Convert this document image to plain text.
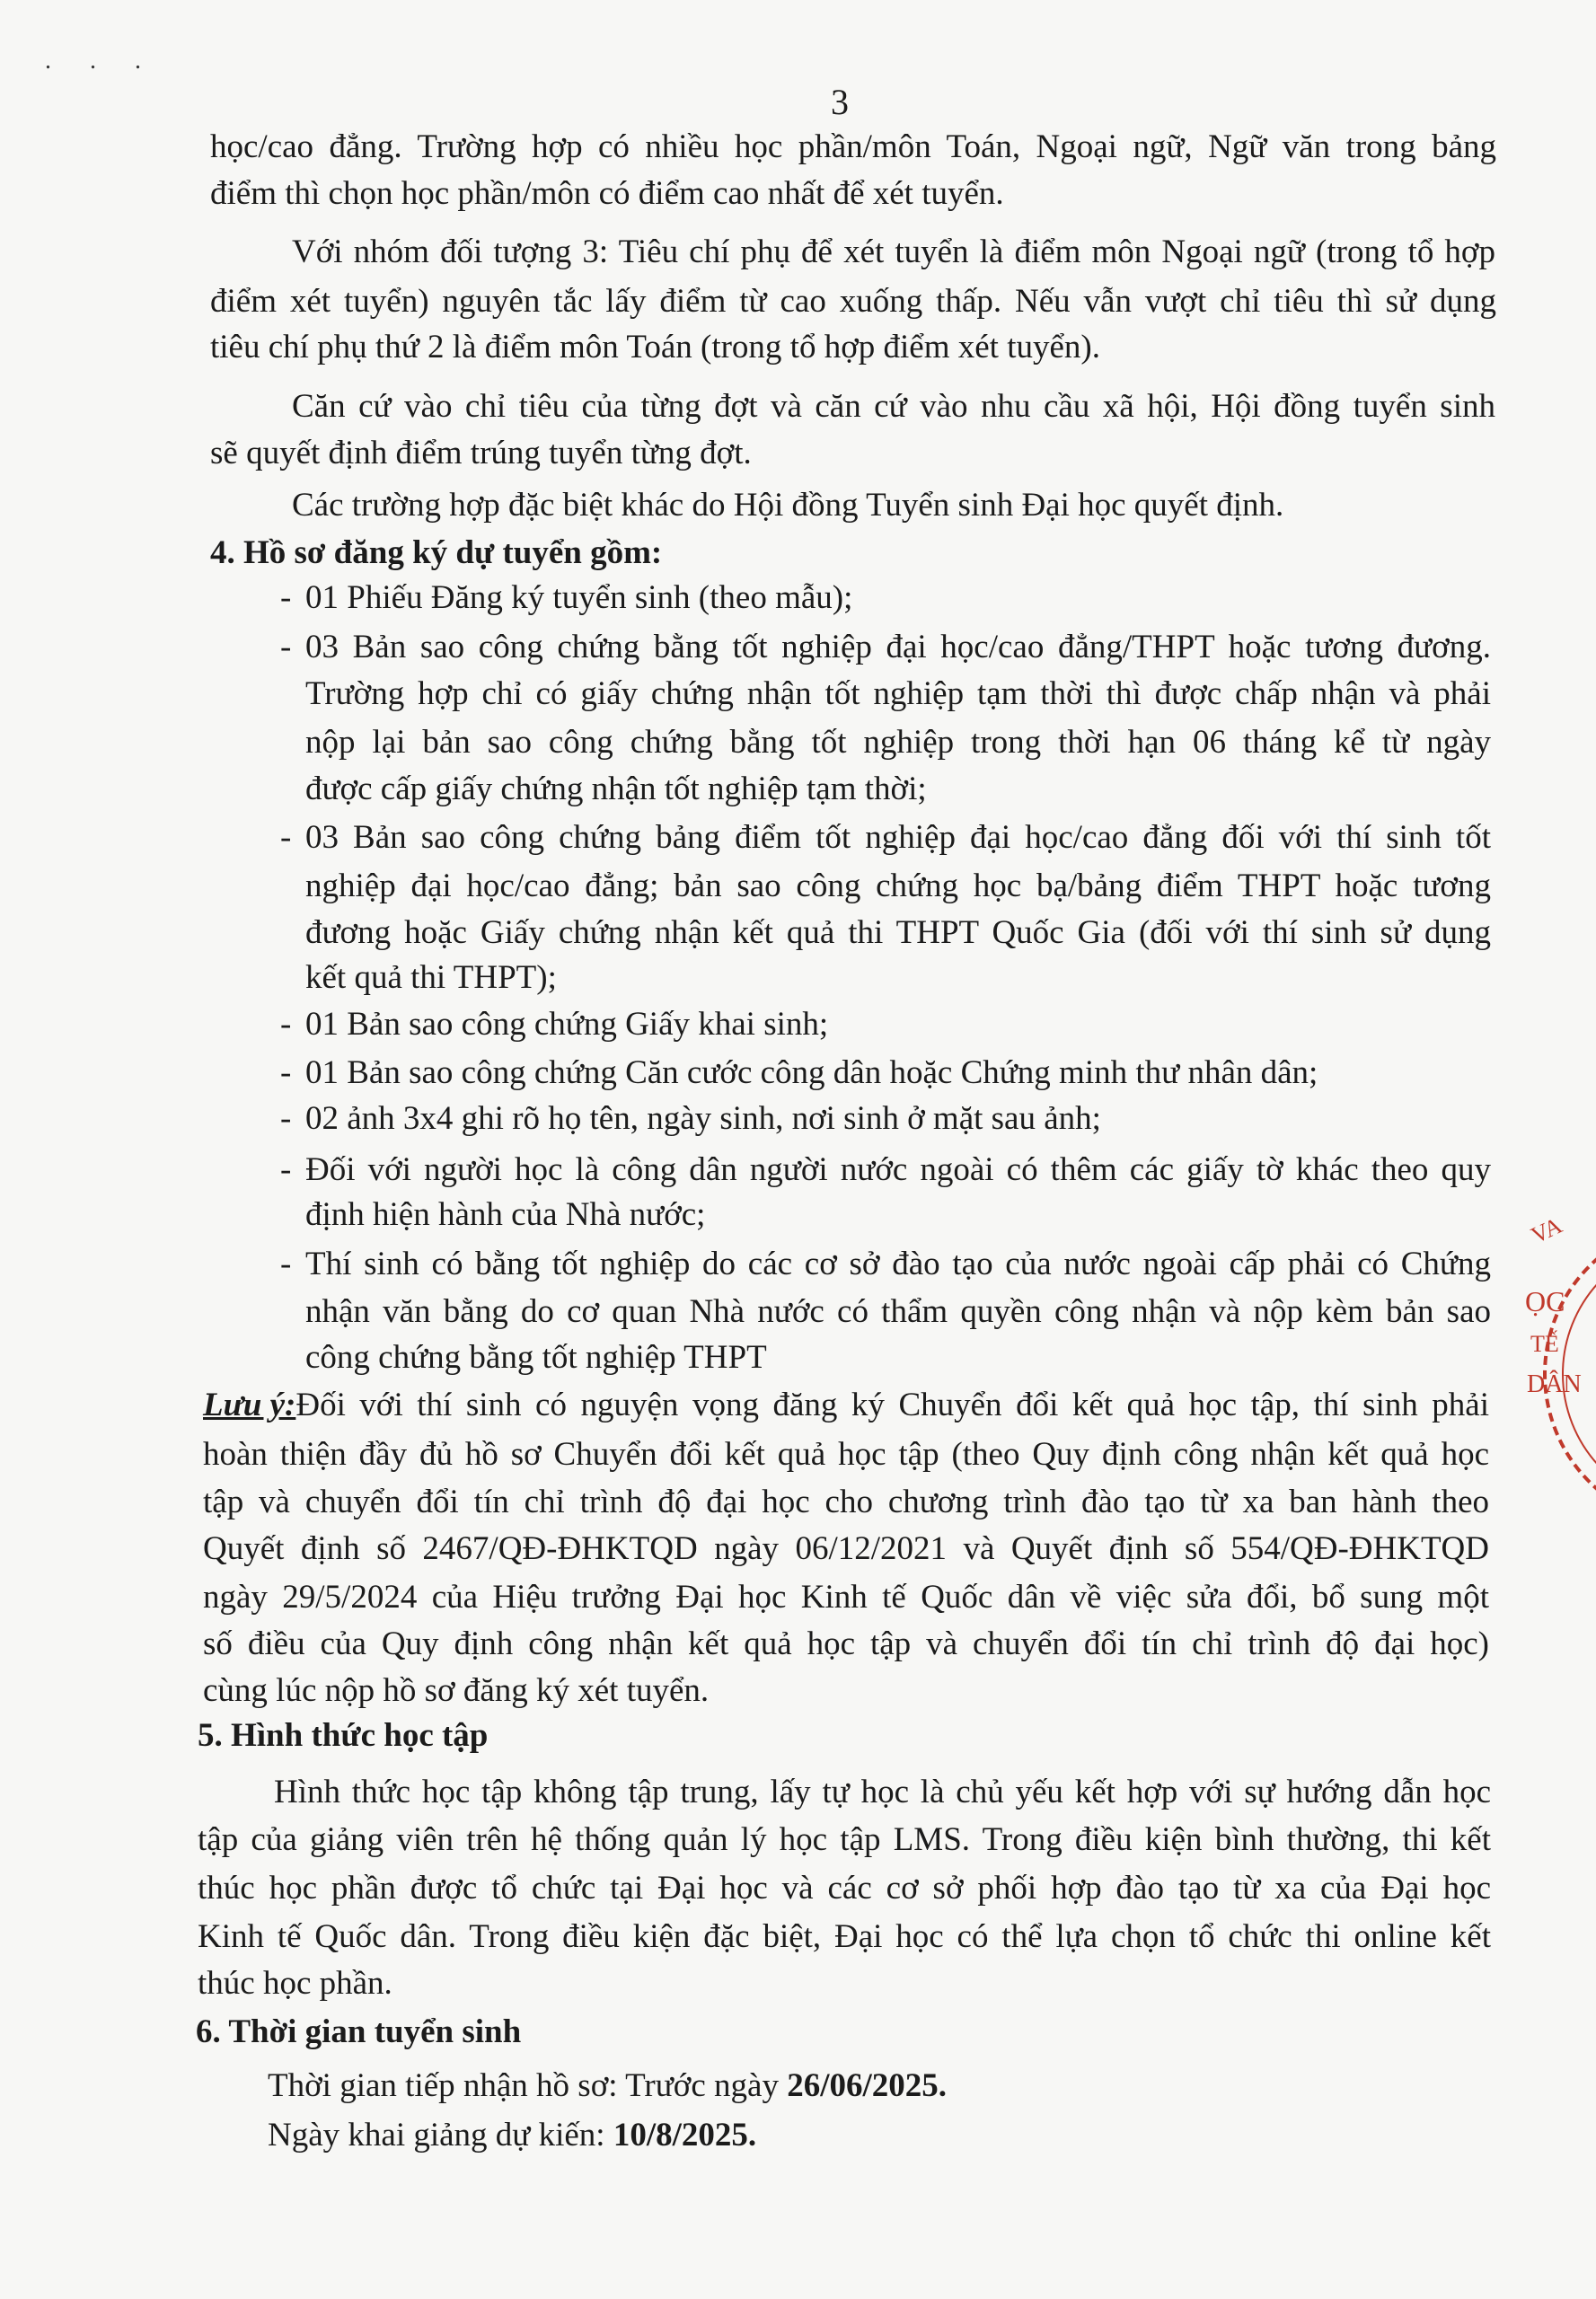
. . .
3
học/cao đẳng. Trường hợp có nhiều học phần/môn Toán, Ngoại ngữ, Ngữ văn trong bảng
điểm thì chọn học phần/môn có điểm cao nhất để xét tuyển.
Với nhóm đối tượng 3: Tiêu chí phụ để xét tuyển là điểm môn Ngoại ngữ (trong tổ hợp
điểm xét tuyển) nguyên tắc lấy điểm từ cao xuống thấp. Nếu vẫn vượt chỉ tiêu thì sử dụng
tiêu chí phụ thứ 2 là điểm môn Toán (trong tổ hợp điểm xét tuyển).
Căn cứ vào chỉ tiêu của từng đợt và căn cứ vào nhu cầu xã hội, Hội đồng tuyển sinh
sẽ quyết định điểm trúng tuyển từng đợt.
Các trường hợp đặc biệt khác do Hội đồng Tuyển sinh Đại học quyết định.
4. Hồ sơ đăng ký dự tuyển gồm:
- 01 Phiếu Đăng ký tuyển sinh (theo mẫu);
- 03 Bản sao công chứng bằng tốt nghiệp đại học/cao đẳng/THPT hoặc tương đương.
Trường hợp chỉ có giấy chứng nhận tốt nghiệp tạm thời thì được chấp nhận và phải
nộp lại bản sao công chứng bằng tốt nghiệp trong thời hạn 06 tháng kể từ ngày
được cấp giấy chứng nhận tốt nghiệp tạm thời;
- 03 Bản sao công chứng bảng điểm tốt nghiệp đại học/cao đẳng đối với thí sinh tốt
nghiệp đại học/cao đẳng; bản sao công chứng học bạ/bảng điểm THPT hoặc tương
đương hoặc Giấy chứng nhận kết quả thi THPT Quốc Gia (đối với thí sinh sử dụng
kết quả thi THPT);
- 01 Bản sao công chứng Giấy khai sinh;
- 01 Bản sao công chứng Căn cước công dân hoặc Chứng minh thư nhân dân;
- 02 ảnh 3x4 ghi rõ họ tên, ngày sinh, nơi sinh ở mặt sau ảnh;
- Đối với người học là công dân người nước ngoài có thêm các giấy tờ khác theo quy
định hiện hành của Nhà nước;
- Thí sinh có bằng tốt nghiệp do các cơ sở đào tạo của nước ngoài cấp phải có Chứng
nhận văn bằng do cơ quan Nhà nước có thẩm quyền công nhận và nộp kèm bản sao
công chứng bằng tốt nghiệp THPT
Lưu ý: Đối với thí sinh có nguyện vọng đăng ký Chuyển đổi kết quả học tập, thí sinh phải
hoàn thiện đầy đủ hồ sơ Chuyển đổi kết quả học tập (theo Quy định công nhận kết quả học
tập và chuyển đổi tín chỉ trình độ đại học cho chương trình đào tạo từ xa ban hành theo
Quyết định số 2467/QĐ-ĐHKTQD ngày 06/12/2021 và Quyết định số 554/QĐ-ĐHKTQD
ngày 29/5/2024 của Hiệu trưởng Đại học Kinh tế Quốc dân về việc sửa đổi, bổ sung một
số điều của Quy định công nhận kết quả học tập và chuyển đổi tín chỉ trình độ đại học)
cùng lúc nộp hồ sơ đăng ký xét tuyển.
5. Hình thức học tập
Hình thức học tập không tập trung, lấy tự học là chủ yếu kết hợp với sự hướng dẫn học
tập của giảng viên trên hệ thống quản lý học tập LMS. Trong điều kiện bình thường, thi kết
thúc học phần được tổ chức tại Đại học và các cơ sở phối hợp đào tạo từ xa của Đại học
Kinh tế Quốc dân. Trong điều kiện đặc biệt, Đại học có thể lựa chọn tổ chức thi online kết
thúc học phần.
6. Thời gian tuyển sinh
Thời gian tiếp nhận hồ sơ: Trước ngày 26/06/2025.
Ngày khai giảng dự kiến: 10/8/2025.
VA
ỌC
TẾ
DÂN
